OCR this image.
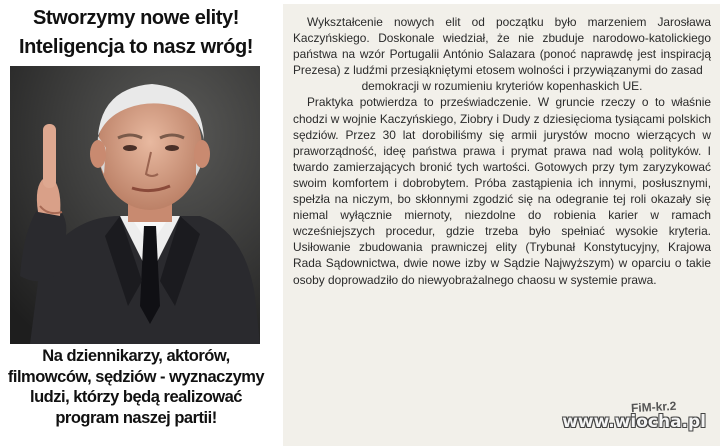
Stworzymy nowe elity!
Inteligencja to nasz wróg!
Na dziennikarzy, aktorów,
filmowców, sędziów - wyznaczymy
ludzi, którzy będą realizować
program naszej partii!

Wykształcenie nowych elit od początku było marzeniem Jarosława Kaczyńskiego. Doskonale wiedział, że nie zbuduje narodowo-katolickiego państwa na wzór Portugalii António Salazara (ponoć naprawdę jest inspiracją Prezesa) z ludźmi przesiąkniętymi etosem wolności i przywiązanymi do zasad

demokracji w rozumieniu kryteriów kopenhaskich UE.

Praktyka potwierdza to przeświadczenie. W gruncie rzeczy o to właśnie chodzi w wojnie Kaczyńskiego, Ziobry i Dudy z dziesięcioma tysiącami polskich sędziów. Przez 30 lat dorobiliśmy się armii jurystów mocno wierzących w praworządność, ideę państwa prawa i prymat prawa nad wolą polityków. I twardo zamierzających bronić tych wartości. Gotowych przy tym zaryzykować swoim komfortem i dobrobytem. Próba zastąpienia ich innymi, posłusznymi, spełzła na niczym, bo skłonnymi zgodzić się na odegranie tej roli okazały się niemal wyłącznie miernoty, niezdolne do robienia karier w ramach wcześniejszych procedur, gdzie trzeba było spełniać wysokie kryteria. Usiłowanie zbudowania prawniczej elity (Trybunał Konstytucyjny, Krajowa Rada Sądownictwa, dwie nowe izby w Sądzie Najwyższym) w oparciu o takie osoby doprowadziło do niewyobrażalnego chaosu w systemie prawa.

FiM-kr.2
www.wiocha.pl
